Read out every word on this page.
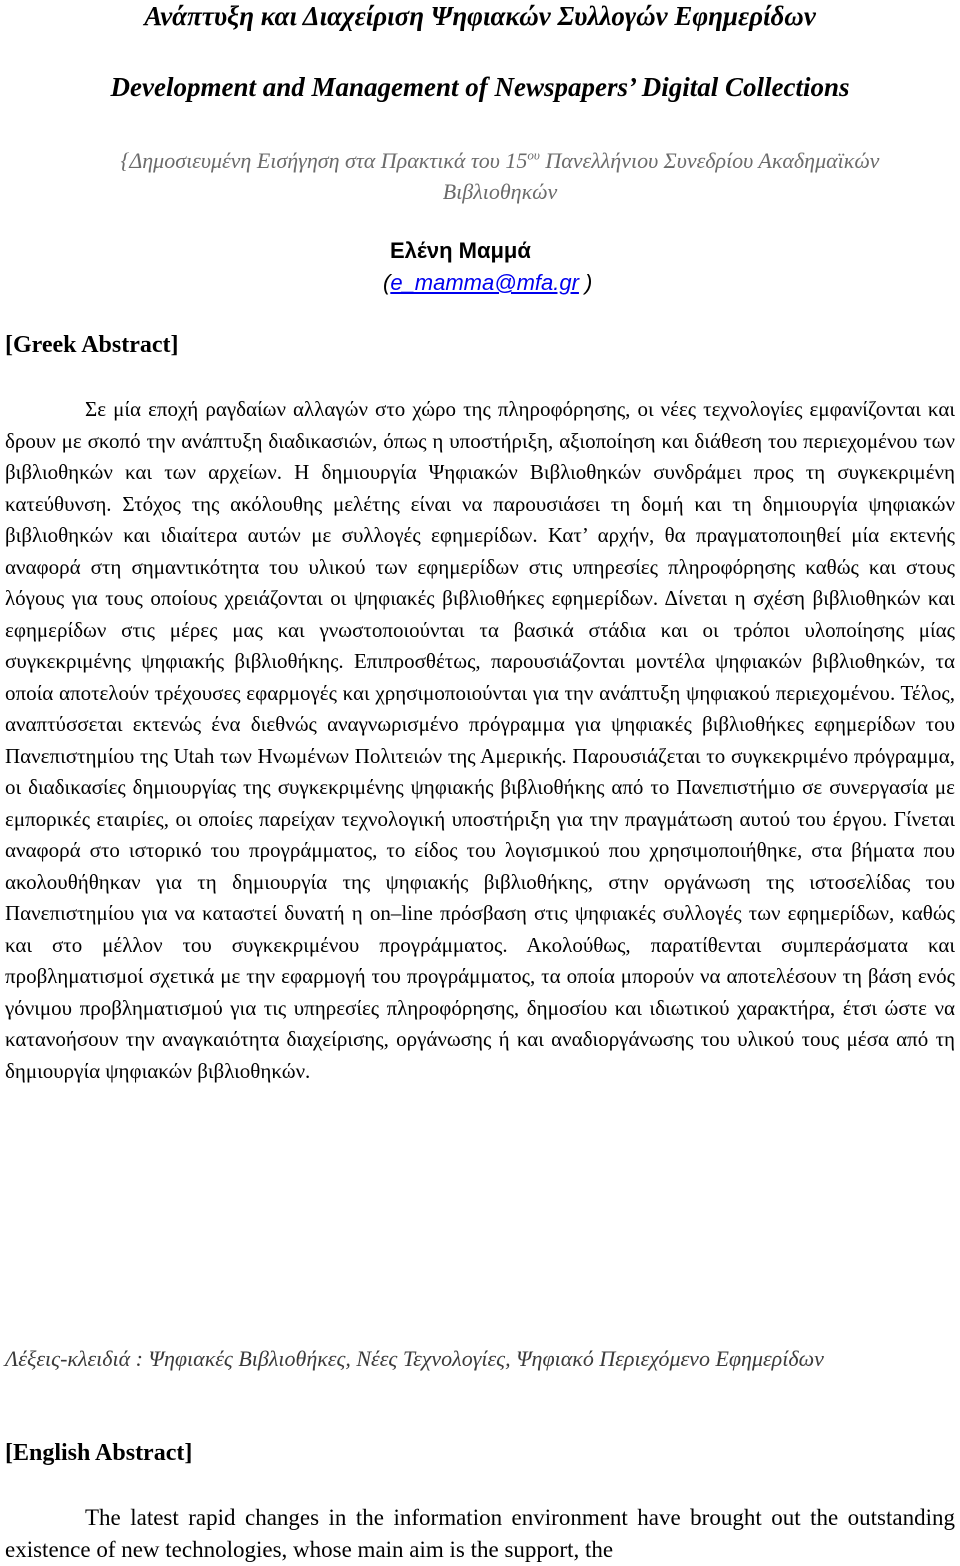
Ανάπτυξη και Διαχείριση Ψηφιακών Συλλογών Εφημερίδων
Development and Management of Newspapers’ Digital Collections
{Δημοσιευμένη Εισήγηση στα Πρακτικά του $15^{o\upsilon}$ Πανελλήνιου Συνεδρίου Ακαδημαϊκών Βιβλιοθηκών
Ελένη Μαμμά
(e_mamma@mfa.gr )
[Greek Abstract]

Σε μία εποχή ραγδαίων αλλαγών στο χώρο της πληροφόρησης, οι νέες τεχνολογίες εμφανίζονται και δρουν με σκοπό την ανάπτυξη διαδικασιών, όπως η υποστήριξη, αξιοποίηση και διάθεση του περιεχομένου των βιβλιοθηκών και των αρχείων. Η δημιουργία Ψηφιακών Βιβλιοθηκών συνδράμει προς τη συγκεκριμένη κατεύθυνση. Στόχος της ακόλουθης μελέτης είναι να παρουσιάσει τη δομή και τη δημιουργία ψηφιακών βιβλιοθηκών και ιδιαίτερα αυτών με συλλογές εφημερίδων. Κατ’ αρχήν, θα πραγματοποιηθεί μία εκτενής αναφορά στη σημαντικότητα του υλικού των εφημερίδων στις υπηρεσίες πληροφόρησης καθώς και στους λόγους για τους οποίους χρειάζονται οι ψηφιακές βιβλιοθήκες εφημερίδων. Δίνεται η σχέση βιβλιοθηκών και εφημερίδων στις μέρες μας και γνωστοποιούνται τα βασικά στάδια και οι τρόποι υλοποίησης μίας συγκεκριμένης ψηφιακής βιβλιοθήκης. Επιπροσθέτως, παρουσιάζονται μοντέλα ψηφιακών βιβλιοθηκών, τα οποία αποτελούν τρέχουσες εφαρμογές και χρησιμοποιούνται για την ανάπτυξη ψηφιακού περιεχομένου. Τέλος, αναπτύσσεται εκτενώς ένα διεθνώς αναγνωρισμένο πρόγραμμα για ψηφιακές βιβλιοθήκες εφημερίδων του Πανεπιστημίου της Utah των Ηνωμένων Πολιτειών της Αμερικής. Παρουσιάζεται το συγκεκριμένο πρόγραμμα, οι διαδικασίες δημιουργίας της συγκεκριμένης ψηφιακής βιβλιοθήκης από το Πανεπιστήμιο σε συνεργασία με εμπορικές εταιρίες, οι οποίες παρείχαν τεχνολογική υποστήριξη για την πραγμάτωση αυτού του έργου. Γίνεται αναφορά στο ιστορικό του προγράμματος, το είδος του λογισμικού που χρησιμοποιήθηκε, στα βήματα που ακολουθήθηκαν για τη δημιουργία της ψηφιακής βιβλιοθήκης, στην οργάνωση της ιστοσελίδας του Πανεπιστημίου για να καταστεί δυνατή η on–line πρόσβαση στις ψηφιακές συλλογές των εφημερίδων, καθώς και στο μέλλον του συγκεκριμένου προγράμματος. Ακολούθως, παρατίθενται συμπεράσματα και προβληματισμοί σχετικά με την εφαρμογή του προγράμματος, τα οποία μπορούν να αποτελέσουν τη βάση ενός γόνιμου προβληματισμού για τις υπηρεσίες πληροφόρησης, δημοσίου και ιδιωτικού χαρακτήρα, έτσι ώστε να κατανοήσουν την αναγκαιότητα διαχείρισης, οργάνωσης ή και αναδιοργάνωσης του υλικού τους μέσα από τη δημιουργία ψηφιακών βιβλιοθηκών.

Λέξεις-κλειδιά : Ψηφιακές Βιβλιοθήκες, Νέες Τεχνολογίες, Ψηφιακό Περιεχόμενο Εφημερίδων

[English Abstract]

The latest rapid changes in the information environment have brought out the outstanding existence of new technologies, whose main aim is the support, the
